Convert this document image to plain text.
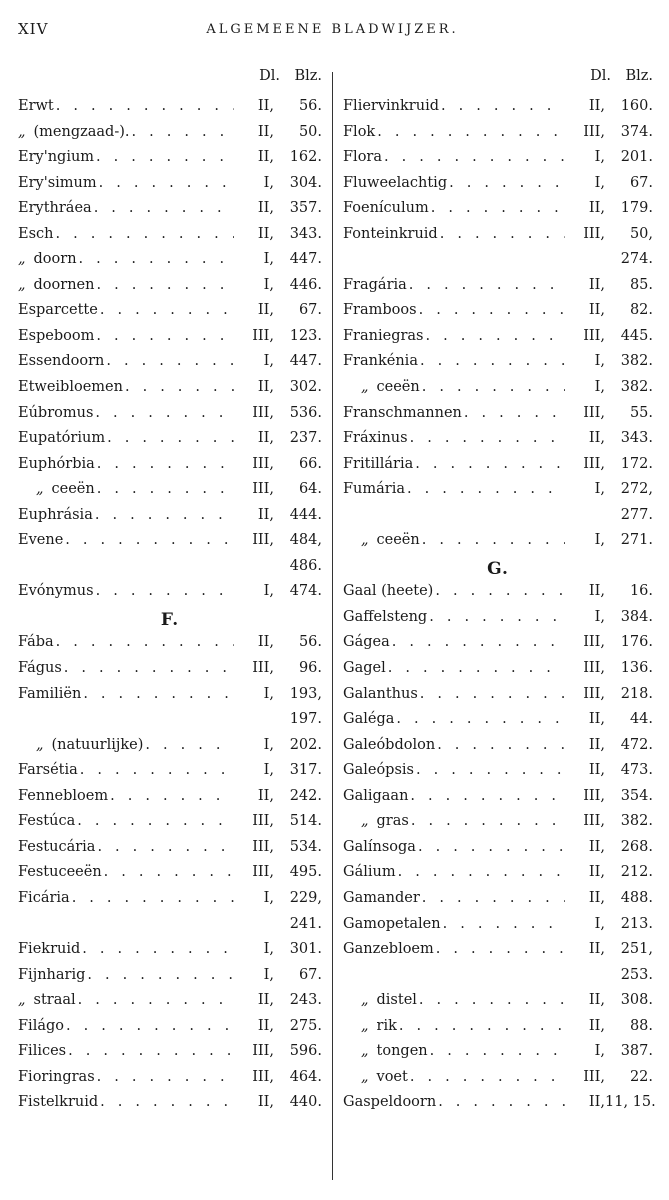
XIV	ALGEMEENE BLADWIJZER.
Dl. Blz.
Erwt . . .	II,	56.
„ (mengzaad-). . . .	II,	50.
Ery'ngium . . .	II,	162.
Ery'simum . . .	I,	304.
Erythráea . . .	II,	357.
Esch . . .	II,	343.
„ doorn . . .	I,	447.
„ doornen . . .	I,	446.
Esparcette . . .	II,	67.
Espeboom . . .	III,	123.
Essendoorn . . .	I,	447.
Etweibloemen . . .	II,	302.
Eúbromus . . .	III,	536.
Eupatórium . . .	II,	237.
Euphórbia . . .	III,	66.
„ ceeën . . .	III,	64.
Euphrásia . . .	II,	444.
Evene . . .	III,	484,
486.
Evónymus . . .	I,	474.
F.
Fába . . .	II,	56.
Fágus . . .	III,	96.
Familiën . . .	I,	193,
197.
„ (natuurlijke) . . .	I,	202.
Farsétia . . .	I,	317.
Fennebloem . . .	II,	242.
Festúca . . .	III,	514.
Festucária . . .	III,	534.
Festuceeën . . .	III,	495.
Ficária . . .	I,	229,
241.
Fiekruid . . .	I,	301.
Fijnharig . . .	I,	67.
„ straal . . .	II,	243.
Filágo . . .	II,	275.
Filices . . .	III,	596.
Fioringras . . .	III,	464.
Fistelkruid . . .	II,	440.
Dl. Blz.
Fliervinkruid . . .	II,	160.
Flok . . .	III,	374.
Flora . . .	I,	201.
Fluweelachtig . . .	I,	67.
Foenículum . . .	II,	179.
Fonteinkruid . . .	III,	50,
274.
Fragária . . .	II,	85.
Framboos . . .	II,	82.
Franiegras . . .	III,	445.
Frankénia . . .	I,	382.
„ ceeën . . .	I,	382.
Franschmannen . . .	III,	55.
Fráxinus . . .	II,	343.
Fritillária . . .	III,	172.
Fumária . . .	I,	272,
277.
„ ceeën . . .	I,	271.
G.
Gaal (heete) . . .	II,	16.
Gaffelsteng . . .	I,	384.
Gágea . . .	III,	176.
Gagel . . .	III,	136.
Galanthus . . .	III,	218.
Galéga . . .	II,	44.
Galeóbdolon . . .	II,	472.
Galeópsis . . .	II,	473.
Galigaan . . .	III,	354.
„ gras . . .	III,	382.
Galínsoga . . .	II,	268.
Gálium . . .	II,	212.
Gamander . . .	II,	488.
Gamopetalen . . .	I,	213.
Ganzebloem . . .	II,	251,
253.
„ distel . . .	II,	308.
„ rik . . .	II,	88.
„ tongen . . .	I,	387.
„ voet . . .	III,	22.
Gaspeldoorn . . .	II, 11, 15.
